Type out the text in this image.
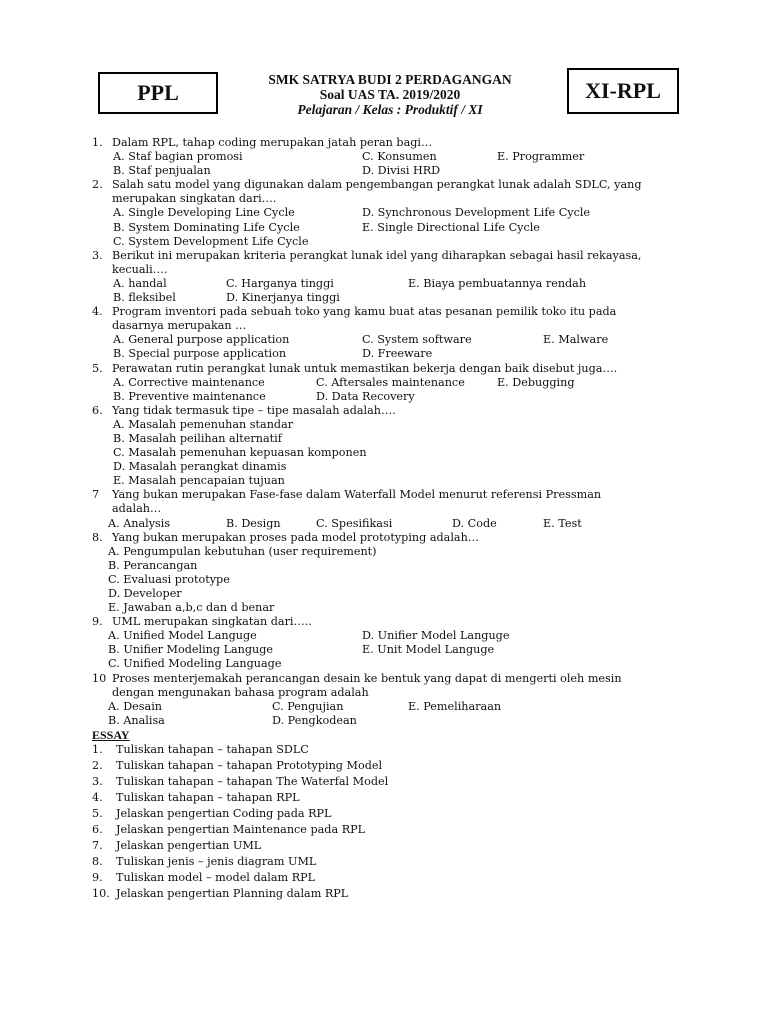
PPL
SMK SATRYA BUDI 2 PERDAGANGAN
Soal UAS TA. 2019/2020
Pelajaran / Kelas : Produktif / XI
XI-RPL
1. Dalam RPL, tahap coding merupakan jatah peran bagi…
A. Staf bagian promosi	C. Konsumen	E. Programmer
B. Staf penjualan	D. Divisi HRD
2. Salah satu model yang digunakan dalam pengembangan perangkat lunak adalah SDLC, yang
merupakan singkatan dari….
A. Single Developing Line Cycle	D. Synchronous Development Life Cycle
B. System Dominating Life Cycle	E. Single Directional Life Cycle
C. System Development Life Cycle
3. Berikut ini merupakan kriteria perangkat lunak idel yang diharapkan sebagai hasil rekayasa,
kecuali….
A. handal	C. Harganya tinggi	E. Biaya pembuatannya rendah
B. fleksibel	D. Kinerjanya tinggi
4. Program inventori pada sebuah toko yang kamu buat atas pesanan pemilik toko itu pada
dasarnya merupakan …
A. General purpose application	C. System software	E. Malware
B. Special purpose application	D. Freeware
5. Perawatan rutin perangkat lunak untuk memastikan bekerja dengan baik disebut juga….
A. Corrective maintenance	C. Aftersales maintenance	E. Debugging
B. Preventive maintenance	D. Data Recovery
6. Yang tidak termasuk tipe – tipe masalah adalah….
A. Masalah pemenuhan standar
B. Masalah peilihan alternatif
C. Masalah pemenuhan kepuasan komponen
D. Masalah perangkat dinamis
E. Masalah pencapaian tujuan
7	Yang bukan merupakan Fase-fase dalam Waterfall Model menurut referensi Pressman
adalah…
A. Analysis	B. Design	C. Spesifikasi	D. Code	E. Test
8. Yang bukan merupakan proses pada model prototyping adalah…
A. Pengumpulan kebutuhan (user requirement)
B. Perancangan
C. Evaluasi prototype
D. Developer
E. Jawaban a,b,c dan d benar
9. UML merupakan singkatan dari…..
A. Unified Model Languge	D. Unifier Model Languge
B. Unifier Modeling Languge	E. Unit Model Languge
C. Unified Modeling Language
10 Proses menterjemakah perancangan desain ke bentuk yang dapat di mengerti oleh mesin
dengan mengunakan bahasa program adalah
A. Desain	C. Pengujian	E. Pemeliharaan
B. Analisa	D. Pengkodean
ESSAY
1.	Tuliskan tahapan – tahapan SDLC
2.	Tuliskan tahapan – tahapan Prototyping Model
3.	Tuliskan tahapan – tahapan The Waterfal Model
4.	Tuliskan tahapan – tahapan RPL
5.	Jelaskan pengertian Coding pada RPL
6.	Jelaskan pengertian Maintenance pada RPL
7.	Jelaskan pengertian UML
8.	Tuliskan jenis – jenis diagram UML
9.	Tuliskan model – model dalam RPL
10. Jelaskan pengertian Planning dalam RPL
